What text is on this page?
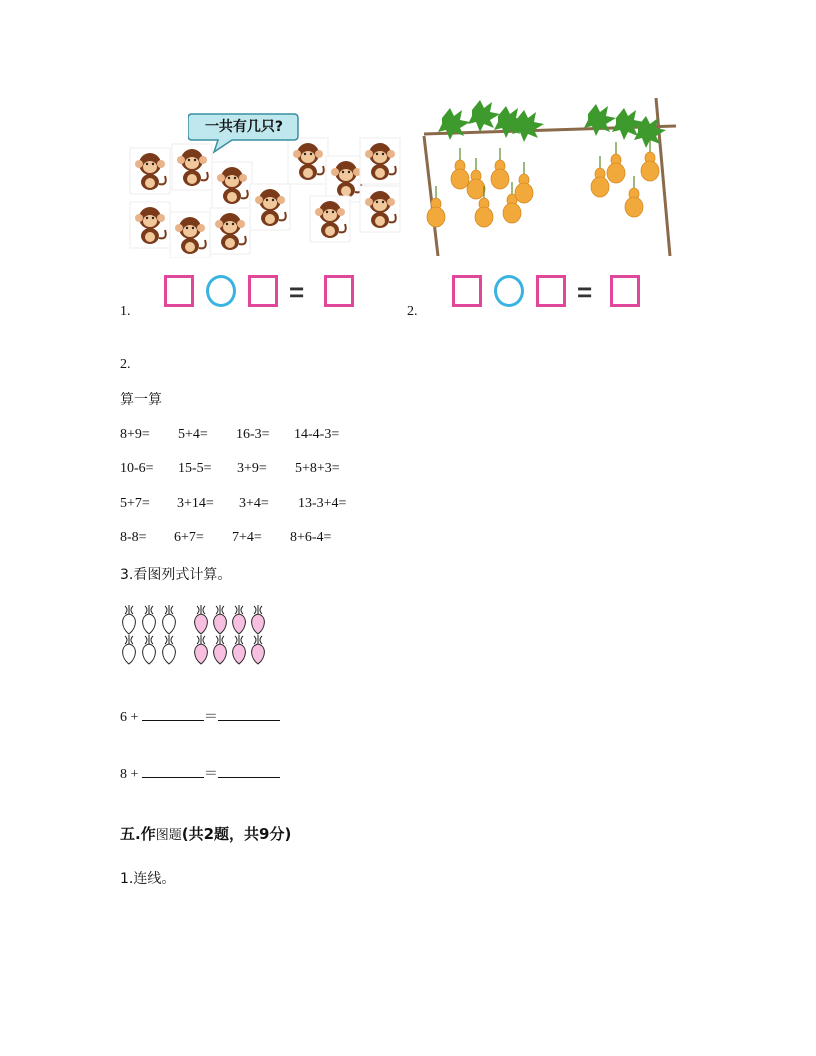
一共有几只?
1.
=
2.
=
2.
算一算
8+9= 5+4= 16-3= 14-4-3=
10-6= 15-5= 3+9= 5+8+3=
5+7= 3+14= 3+4= 13-3+4=
8-8= 6+7= 7+4= 8+6-4=
3.看图列式计算。
6 +	＝
8 +	＝
五.作图题(共2题，共9分)
1.连线。
